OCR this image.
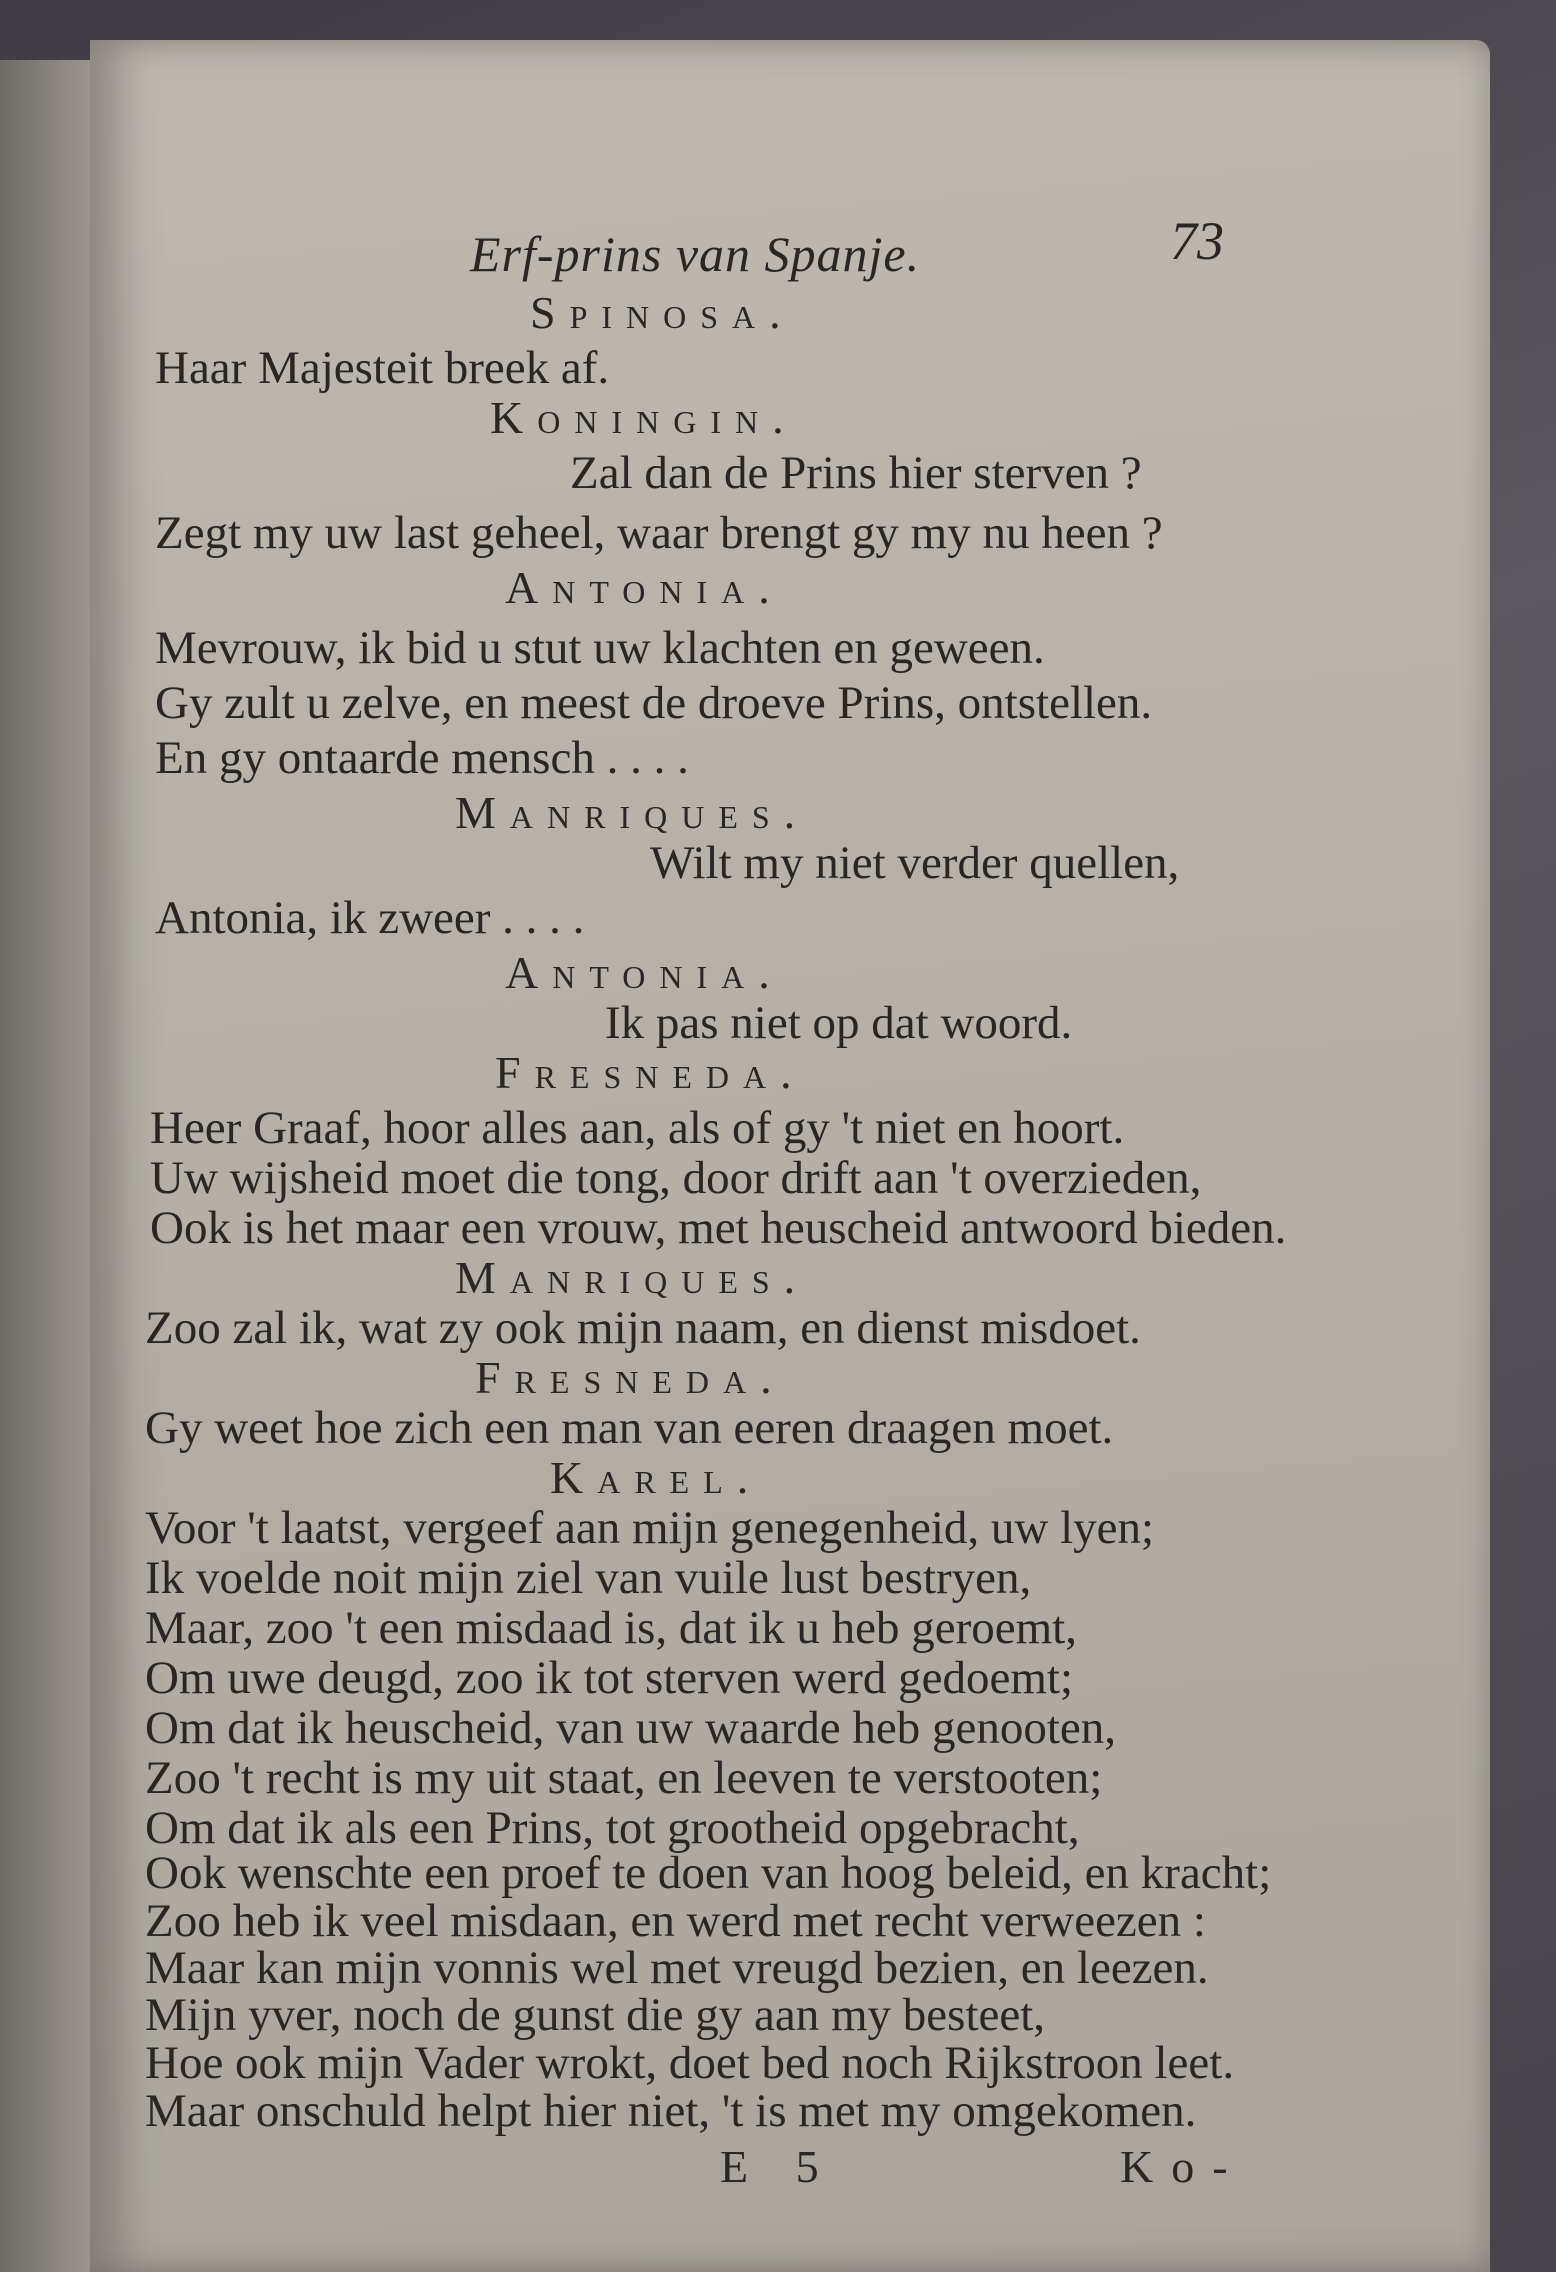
Erf-prins van Spanje.	73
Spinosa.
Haar Majesteit breek af.
Koningin.
Zal dan de Prins hier sterven ?
Zegt my uw last geheel, waar brengt gy my nu heen ?
Antonia.
Mevrouw, ik bid u stut uw klachten en geween.
Gy zult u zelve, en meest de droeve Prins, ontstellen.
En gy ontaarde mensch . . . .
Manriques.
Wilt my niet verder quellen,
Antonia, ik zweer . . . .
Antonia.
Ik pas niet op dat woord.
Fresneda.
Heer Graaf, hoor alles aan, als of gy 't niet en hoort.
Uw wijsheid moet die tong, door drift aan 't overzieden,
Ook is het maar een vrouw, met heuscheid antwoord bieden.
Manriques.
Zoo zal ik, wat zy ook mijn naam, en dienst misdoet.
Fresneda.
Gy weet hoe zich een man van eeren draagen moet.
Karel.
Voor 't laatst, vergeef aan mijn genegenheid, uw lyen;
Ik voelde noit mijn ziel van vuile lust bestryen,
Maar, zoo 't een misdaad is, dat ik u heb geroemt,
Om uwe deugd, zoo ik tot sterven werd gedoemt;
Om dat ik heuscheid, van uw waarde heb genooten,
Zoo 't recht is my uit staat, en leeven te verstooten;
Om dat ik als een Prins, tot grootheid opgebracht,
Ook wenschte een proef te doen van hoog beleid, en kracht;
Zoo heb ik veel misdaan, en werd met recht verweezen :
Maar kan mijn vonnis wel met vreugd bezien, en leezen.
Mijn yver, noch de gunst die gy aan my besteet,
Hoe ook mijn Vader wrokt, doet bed noch Rijkstroon leet.
Maar onschuld helpt hier niet, 't is met my omgekomen.
E 5	Ko-
